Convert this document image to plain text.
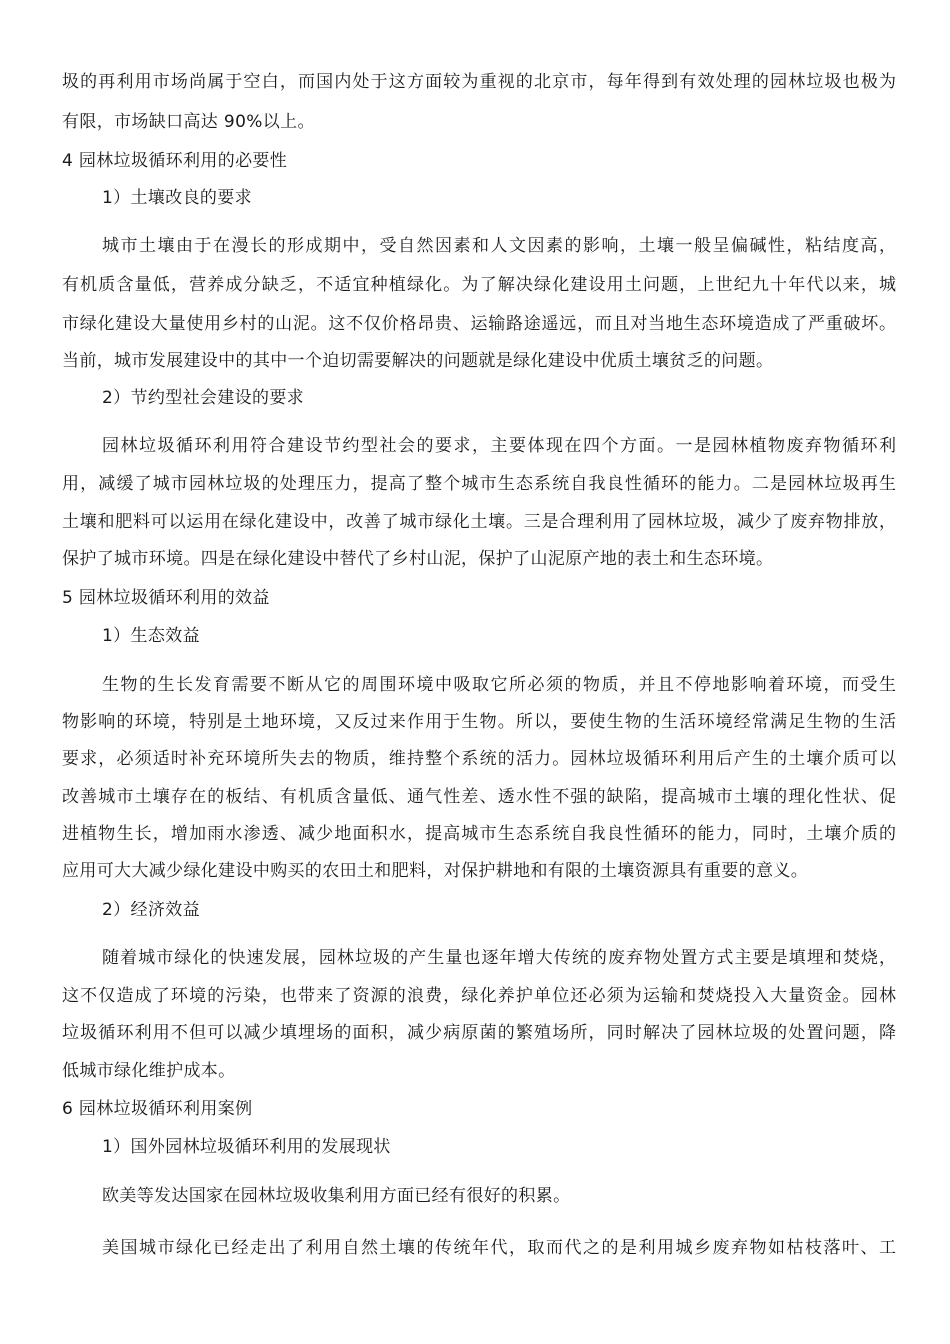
圾的再利用市场尚属于空白，而国内处于这方面较为重视的北京市，每年得到有效处理的园林垃圾也极为
有限，市场缺口高达 90%以上。
4 园林垃圾循环利用的必要性
1）土壤改良的要求
城市土壤由于在漫长的形成期中，受自然因素和人文因素的影响，土壤一般呈偏碱性，粘结度高，
有机质含量低，营养成分缺乏，不适宜种植绿化。为了解决绿化建设用土问题，上世纪九十年代以来，城
市绿化建设大量使用乡村的山泥。这不仅价格昂贵、运输路途遥远，而且对当地生态环境造成了严重破坏。
当前，城市发展建设中的其中一个迫切需要解决的问题就是绿化建设中优质土壤贫乏的问题。
2）节约型社会建设的要求
园林垃圾循环利用符合建设节约型社会的要求，主要体现在四个方面。一是园林植物废弃物循环利
用，减缓了城市园林垃圾的处理压力，提高了整个城市生态系统自我良性循环的能力。二是园林垃圾再生
土壤和肥料可以运用在绿化建设中，改善了城市绿化土壤。三是合理利用了园林垃圾，减少了废弃物排放，
保护了城市环境。四是在绿化建设中替代了乡村山泥，保护了山泥原产地的表土和生态环境。
5 园林垃圾循环利用的效益
1）生态效益
生物的生长发育需要不断从它的周围环境中吸取它所必须的物质，并且不停地影响着环境，而受生
物影响的环境，特别是土地环境，又反过来作用于生物。所以，要使生物的生活环境经常满足生物的生活
要求，必须适时补充环境所失去的物质，维持整个系统的活力。园林垃圾循环利用后产生的土壤介质可以
改善城市土壤存在的板结、有机质含量低、通气性差、透水性不强的缺陷，提高城市土壤的理化性状、促
进植物生长，增加雨水渗透、减少地面积水，提高城市生态系统自我良性循环的能力，同时，土壤介质的
应用可大大减少绿化建设中购买的农田土和肥料，对保护耕地和有限的土壤资源具有重要的意义。
2）经济效益
随着城市绿化的快速发展，园林垃圾的产生量也逐年增大传统的废弃物处置方式主要是填埋和焚烧，
这不仅造成了环境的污染，也带来了资源的浪费，绿化养护单位还必须为运输和焚烧投入大量资金。园林
垃圾循环利用不但可以减少填埋场的面积，减少病原菌的繁殖场所，同时解决了园林垃圾的处置问题，降
低城市绿化维护成本。
6 园林垃圾循环利用案例
1）国外园林垃圾循环利用的发展现状
欧美等发达国家在园林垃圾收集利用方面已经有很好的积累。
美国城市绿化已经走出了利用自然土壤的传统年代，取而代之的是利用城乡废弃物如枯枝落叶、工
